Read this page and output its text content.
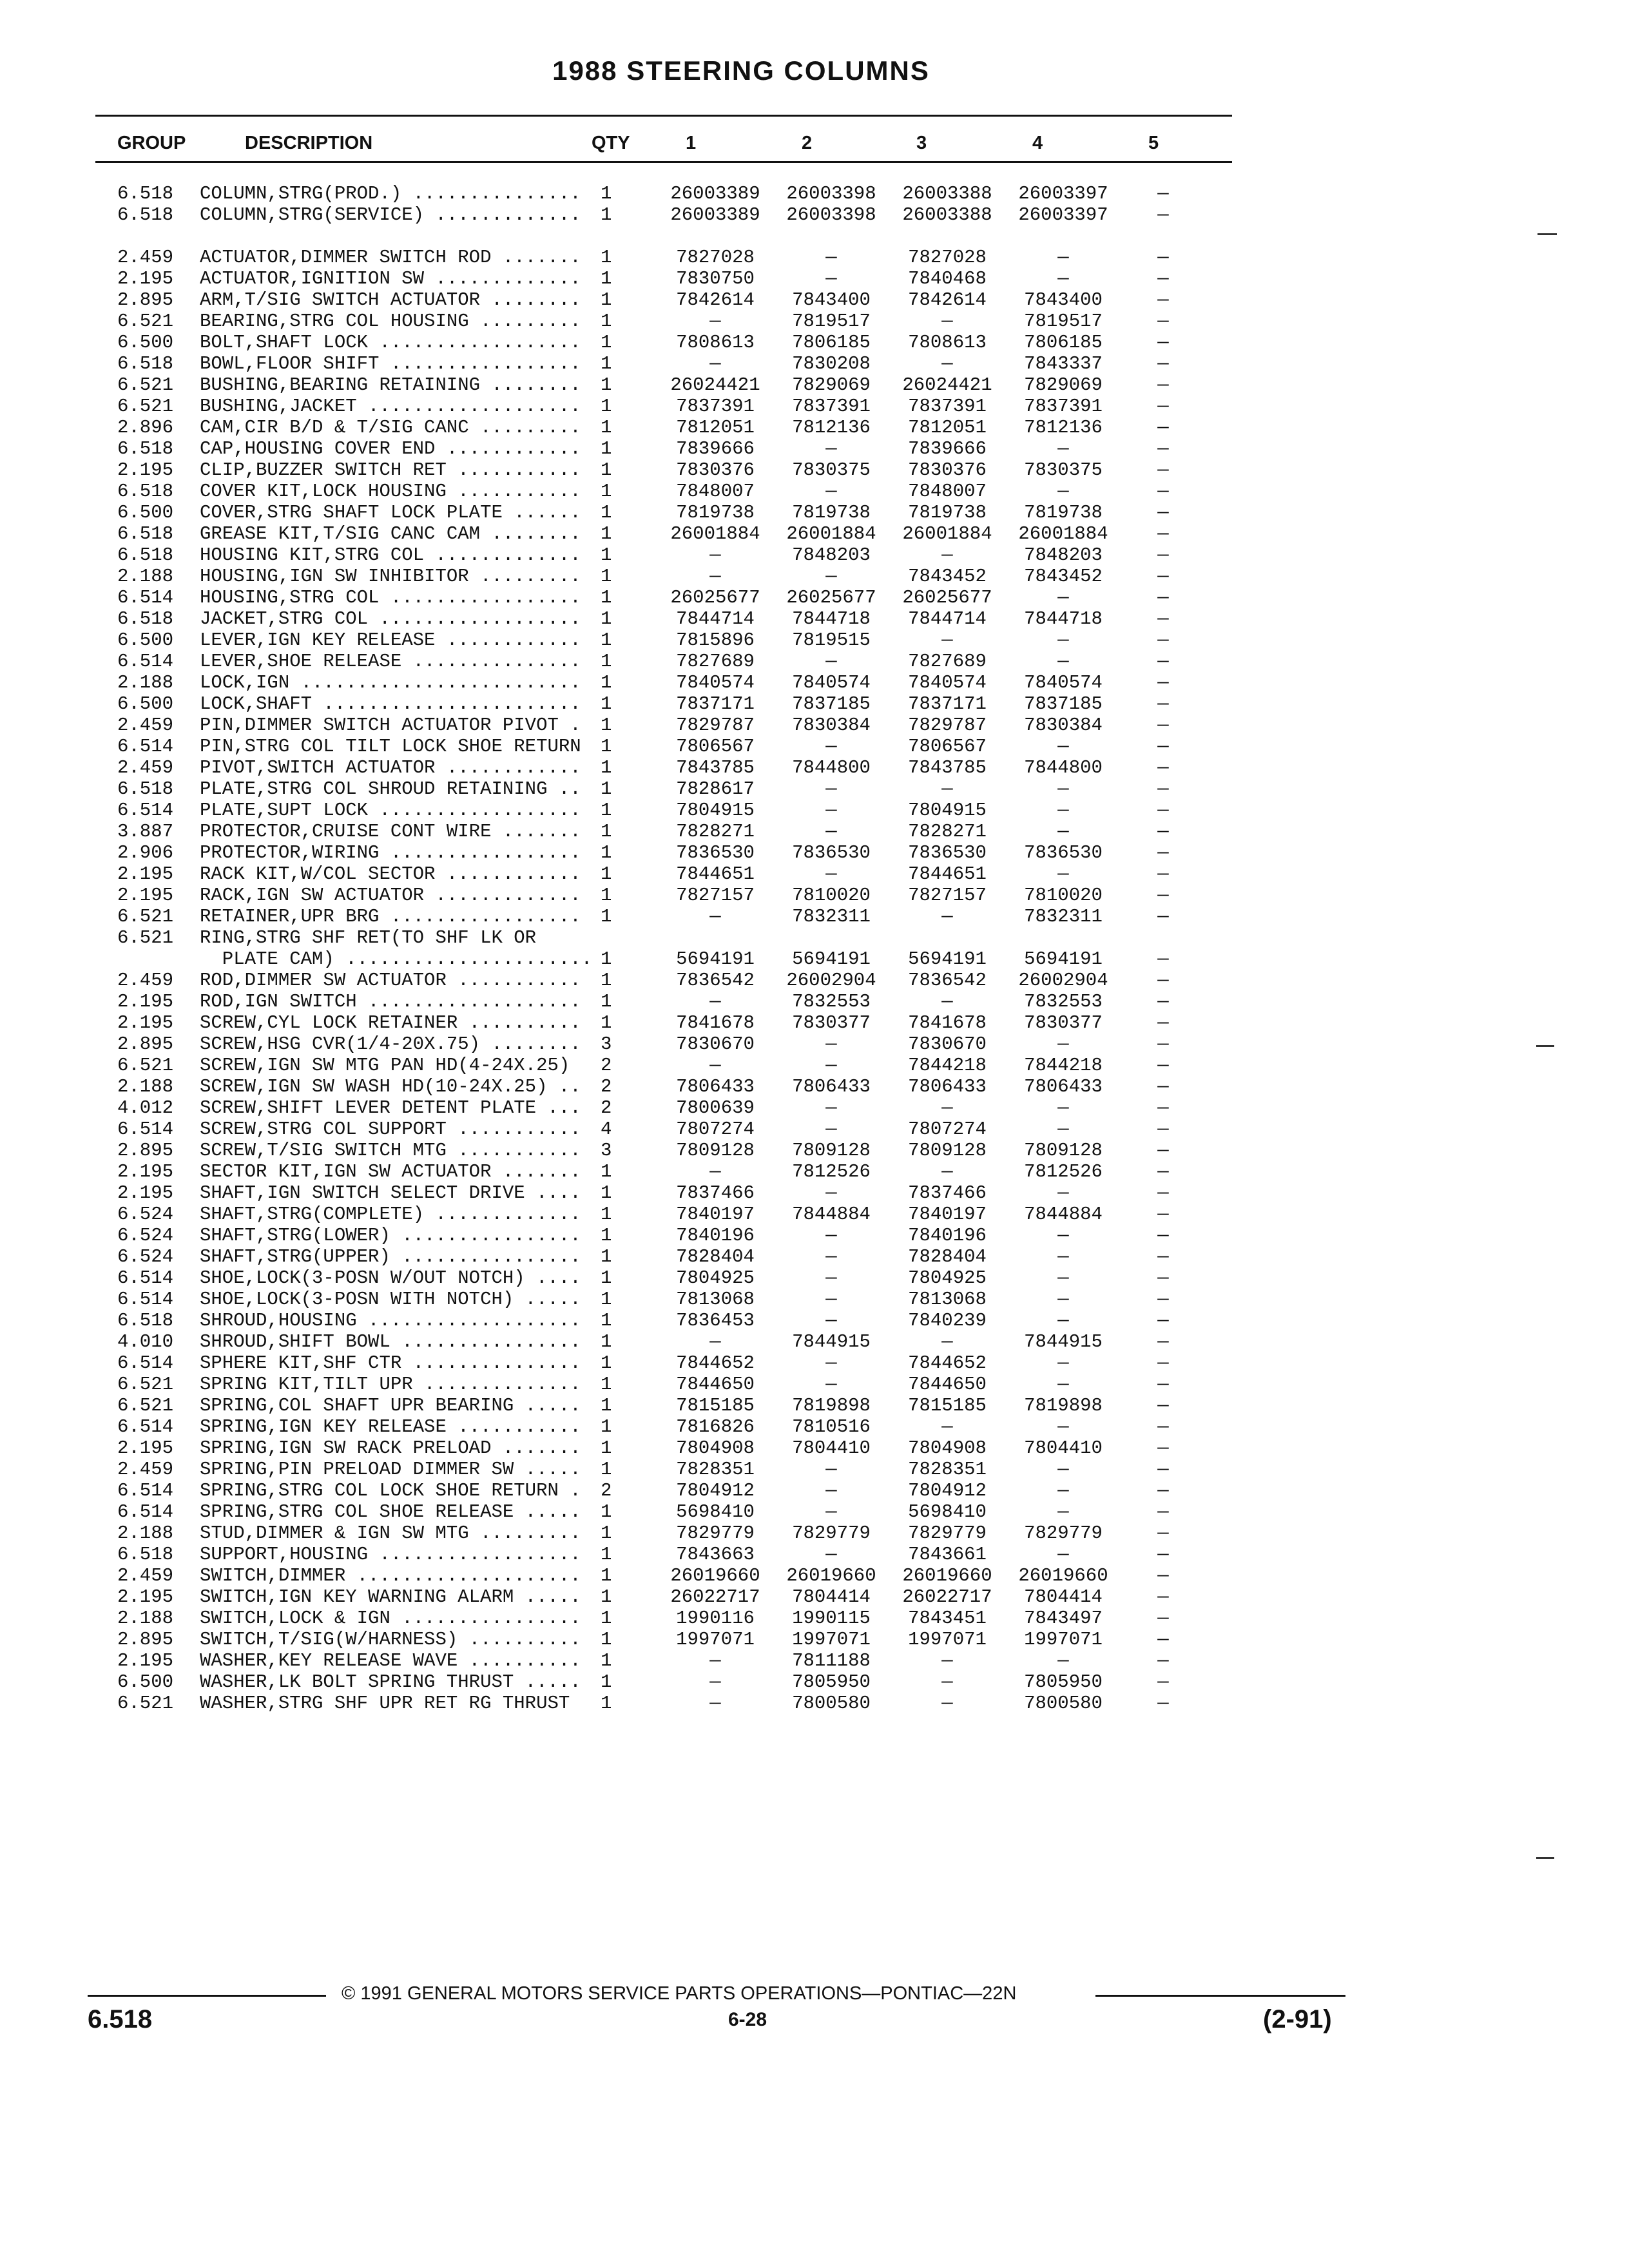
1988 STEERING COLUMNS
GROUP	DESCRIPTION	QTY	1	2	3	4	5
6.518 COLUMN,STRG(PROD.) ............... 1	26003389 26003398 26003388 26003397	—
6.518 COLUMN,STRG(SERVICE) ............. 1	26003389 26003398 26003388 26003397	—
2.459 ACTUATOR,DIMMER SWITCH ROD ....... 1	7827028	—	7827028	—	—
2.195 ACTUATOR,IGNITION SW ............. 1	7830750	—	7840468	—	—
2.895 ARM,T/SIG SWITCH ACTUATOR ........ 1	7842614	7843400	7842614	7843400	—
6.521 BEARING,STRG COL HOUSING ......... 1	—	7819517	—	7819517	—
6.500 BOLT,SHAFT LOCK .................. 1	7808613	7806185	7808613	7806185	—
6.518 BOWL,FLOOR SHIFT ................. 1	—	7830208	—	7843337	—
6.521 BUSHING,BEARING RETAINING ........ 1	26024421	7829069	26024421	7829069	—
6.521 BUSHING,JACKET ................... 1	7837391	7837391	7837391	7837391	—
2.896 CAM,CIR B/D & T/SIG CANC ......... 1	7812051	7812136	7812051	7812136	—
6.518 CAP,HOUSING COVER END ............ 1	7839666	—	7839666	—	—
2.195 CLIP,BUZZER SWITCH RET ........... 1	7830376	7830375	7830376	7830375	—
6.518 COVER KIT,LOCK HOUSING ........... 1	7848007	—	7848007	—	—
6.500 COVER,STRG SHAFT LOCK PLATE ...... 1	7819738	7819738	7819738	7819738	—
6.518 GREASE KIT,T/SIG CANC CAM ........ 1	26001884 26001884 26001884 26001884	—
6.518 HOUSING KIT,STRG COL ............. 1	—	7848203	—	7848203	—
2.188 HOUSING,IGN SW INHIBITOR ......... 1	—	—	7843452	7843452	—
6.514 HOUSING,STRG COL ................. 1	26025677 26025677 26025677	—	—
6.518 JACKET,STRG COL .................. 1	7844714	7844718	7844714	7844718	—
6.500 LEVER,IGN KEY RELEASE ............ 1	7815896	7819515	—	—	—
6.514 LEVER,SHOE RELEASE ............... 1	7827689	—	7827689	—	—
2.188 LOCK,IGN ......................... 1	7840574	7840574	7840574	7840574	—
6.500 LOCK,SHAFT ....................... 1	7837171	7837185	7837171	7837185	—
2.459 PIN,DIMMER SWITCH ACTUATOR PIVOT . 1	7829787	7830384	7829787	7830384	—
6.514 PIN,STRG COL TILT LOCK SHOE RETURN 1	7806567	—	7806567	—	—
2.459 PIVOT,SWITCH ACTUATOR ............ 1	7843785	7844800	7843785	7844800	—
6.518 PLATE,STRG COL SHROUD RETAINING .. 1	7828617	—	—	—	—
6.514 PLATE,SUPT LOCK .................. 1	7804915	—	7804915	—	—
3.887 PROTECTOR,CRUISE CONT WIRE ....... 1	7828271	—	7828271	—	—
2.906 PROTECTOR,WIRING ................. 1	7836530	7836530	7836530	7836530	—
2.195 RACK KIT,W/COL SECTOR ............ 1	7844651	—	7844651	—	—
2.195 RACK,IGN SW ACTUATOR ............. 1	7827157	7810020	7827157	7810020	—
6.521 RETAINER,UPR BRG ................. 1	—	7832311	—	7832311	—
6.521 RING,STRG SHF RET(TO SHF LK OR
PLATE CAM) ......................
1	5694191	5694191	5694191	5694191	—
2.459 ROD,DIMMER SW ACTUATOR ........... 1	7836542	26002904	7836542	26002904	—
2.195 ROD,IGN SWITCH ................... 1	—	7832553	—	7832553	—
2.195 SCREW,CYL LOCK RETAINER .......... 1	7841678	7830377	7841678	7830377	—
2.895 SCREW,HSG CVR(1/4-20X.75) ........ 3	7830670	—	7830670	—	—
6.521 SCREW,IGN SW MTG PAN HD(4-24X.25) 2	—	—	7844218	7844218	—
2.188 SCREW,IGN SW WASH HD(10-24X.25) .. 2	7806433	7806433	7806433	7806433	—
4.012 SCREW,SHIFT LEVER DETENT PLATE ... 2	7800639	—	—	—	—
6.514 SCREW,STRG COL SUPPORT ........... 4	7807274	—	7807274	—	—
2.895 SCREW,T/SIG SWITCH MTG ........... 3	7809128	7809128	7809128	7809128	—
2.195 SECTOR KIT,IGN SW ACTUATOR ....... 1	—	7812526	—	7812526	—
2.195 SHAFT,IGN SWITCH SELECT DRIVE .... 1	7837466	—	7837466	—	—
6.524 SHAFT,STRG(COMPLETE) ............. 1	7840197	7844884	7840197	7844884	—
6.524 SHAFT,STRG(LOWER) ................ 1	7840196	—	7840196	—	—
6.524 SHAFT,STRG(UPPER) ................ 1	7828404	—	7828404	—	—
6.514 SHOE,LOCK(3-POSN W/OUT NOTCH) .... 1	7804925	—	7804925	—	—
6.514 SHOE,LOCK(3-POSN WITH NOTCH) ..... 1	7813068	—	7813068	—	—
6.518 SHROUD,HOUSING ................... 1	7836453	—	7840239	—	—
4.010 SHROUD,SHIFT BOWL ................ 1	—	7844915	—	7844915	—
6.514 SPHERE KIT,SHF CTR ............... 1	7844652	—	7844652	—	—
6.521 SPRING KIT,TILT UPR .............. 1	7844650	—	7844650	—	—
6.521 SPRING,COL SHAFT UPR BEARING ..... 1	7815185	7819898	7815185	7819898	—
6.514 SPRING,IGN KEY RELEASE ........... 1	7816826	7810516	—	—	—
2.195 SPRING,IGN SW RACK PRELOAD ....... 1	7804908	7804410	7804908	7804410	—
2.459 SPRING,PIN PRELOAD DIMMER SW ..... 1	7828351	—	7828351	—	—
6.514 SPRING,STRG COL LOCK SHOE RETURN . 2	7804912	—	7804912	—	—
6.514 SPRING,STRG COL SHOE RELEASE ..... 1	5698410	—	5698410	—	—
2.188 STUD,DIMMER & IGN SW MTG ......... 1	7829779	7829779	7829779	7829779	—
6.518 SUPPORT,HOUSING .................. 1	7843663	—	7843661	—	—
2.459 SWITCH,DIMMER .................... 1	26019660 26019660 26019660 26019660	—
2.195 SWITCH,IGN KEY WARNING ALARM ..... 1	26022717	7804414	26022717	7804414	—
2.188 SWITCH,LOCK & IGN ................ 1	1990116	1990115	7843451	7843497	—
2.895 SWITCH,T/SIG(W/HARNESS) .......... 1	1997071	1997071	1997071	1997071	—
2.195 WASHER,KEY RELEASE WAVE .......... 1	—	7811188	—	—	—
6.500 WASHER,LK BOLT SPRING THRUST ..... 1	—	7805950	—	7805950	—
6.521 WASHER,STRG SHF UPR RET RG THRUST 1	—	7800580	—	7800580	—
© 1991 GENERAL MOTORS SERVICE PARTS OPERATIONS—PONTIAC—22N
6.518	6-28	(2-91)
